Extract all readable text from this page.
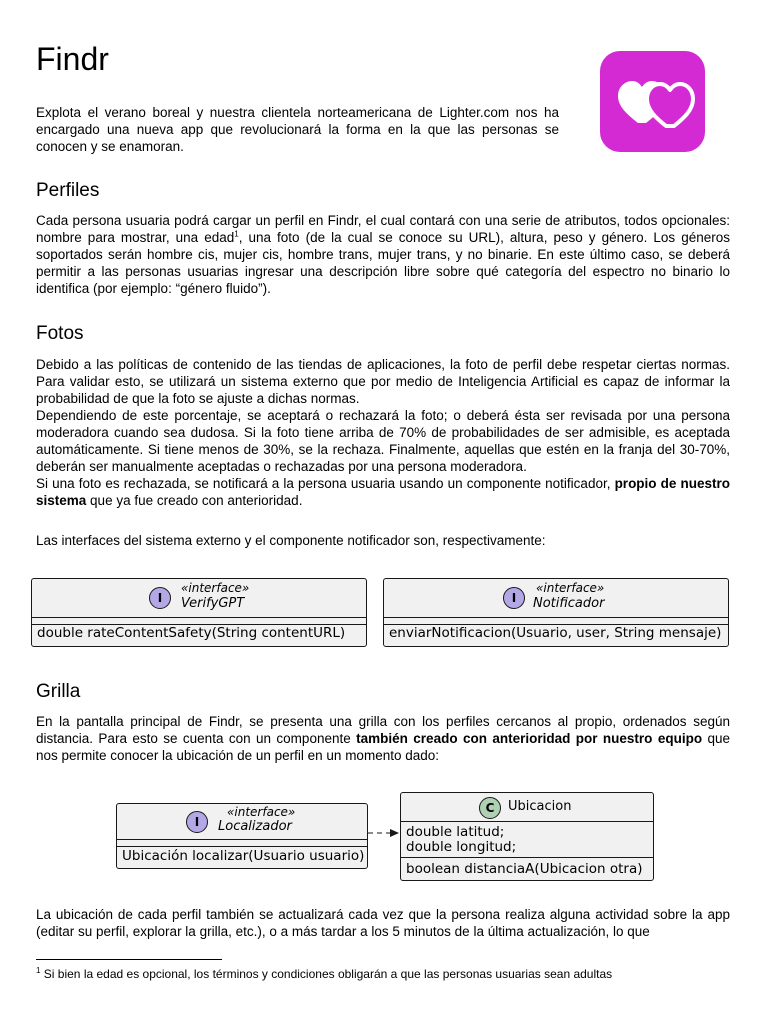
Findr

Explota el verano boreal y nuestra clientela norteamericana de Lighter.com nos ha encargado una nueva app que revolucionará la forma en la que las personas se conocen y se enamoran.

Perfiles

Cada persona usuaria podrá cargar un perfil en Findr, el cual contará con una serie de atributos, todos opcionales: nombre para mostrar, una edad$^1$, una foto (de la cual se conoce su URL), altura, peso y género. Los géneros soportados serán hombre cis, mujer cis, hombre trans, mujer trans, y no binarie. En este último caso, se deberá permitir a las personas usuarias ingresar una descripción libre sobre qué categoría del espectro no binario lo identifica (por ejemplo: “género fluido”).

Fotos

Debido a las políticas de contenido de las tiendas de aplicaciones, la foto de perfil debe respetar ciertas normas. Para validar esto, se utilizará un sistema externo que por medio de Inteligencia Artificial es capaz de informar la probabilidad de que la foto se ajuste a dichas normas.

Dependiendo de este porcentaje, se aceptará o rechazará la foto; o deberá ésta ser revisada por una persona moderadora cuando sea dudosa. Si la foto tiene arriba de 70% de probabilidades de ser admisible, es aceptada automáticamente. Si tiene menos de 30%, se la rechaza. Finalmente, aquellas que estén en la franja del 30-70%, deberán ser manualmente aceptadas o rechazadas por una persona moderadora.

Si una foto es rechazada, se notificará a la persona usuaria usando un componente notificador, propio de nuestro sistema que ya fue creado con anterioridad.

Las interfaces del sistema externo y el componente notificador son, respectivamente:

I
«interface»
VerifyGPT
double rateContentSafety(String contentURL)
I
«interface»
Notificador
enviarNotificacion(Usuario, user, String mensaje)
Grilla

En la pantalla principal de Findr, se presenta una grilla con los perfiles cercanos al propio, ordenados según distancia. Para esto se cuenta con un componente también creado con anterioridad por nuestro equipo que nos permite conocer la ubicación de un perfil en un momento dado:

I
«interface»
Localizador
Ubicación localizar(Usuario usuario)
C	Ubicacion
double latitud;
double longitud;
boolean distanciaA(Ubicacion otra)

La ubicación de cada perfil también se actualizará cada vez que la persona realiza alguna actividad sobre la app (editar su perfil, explorar la grilla, etc.), o a más tardar a los 5 minutos de la última actualización, lo que

$^1$ Si bien la edad es opcional, los términos y condiciones obligarán a que las personas usuarias sean adultas
